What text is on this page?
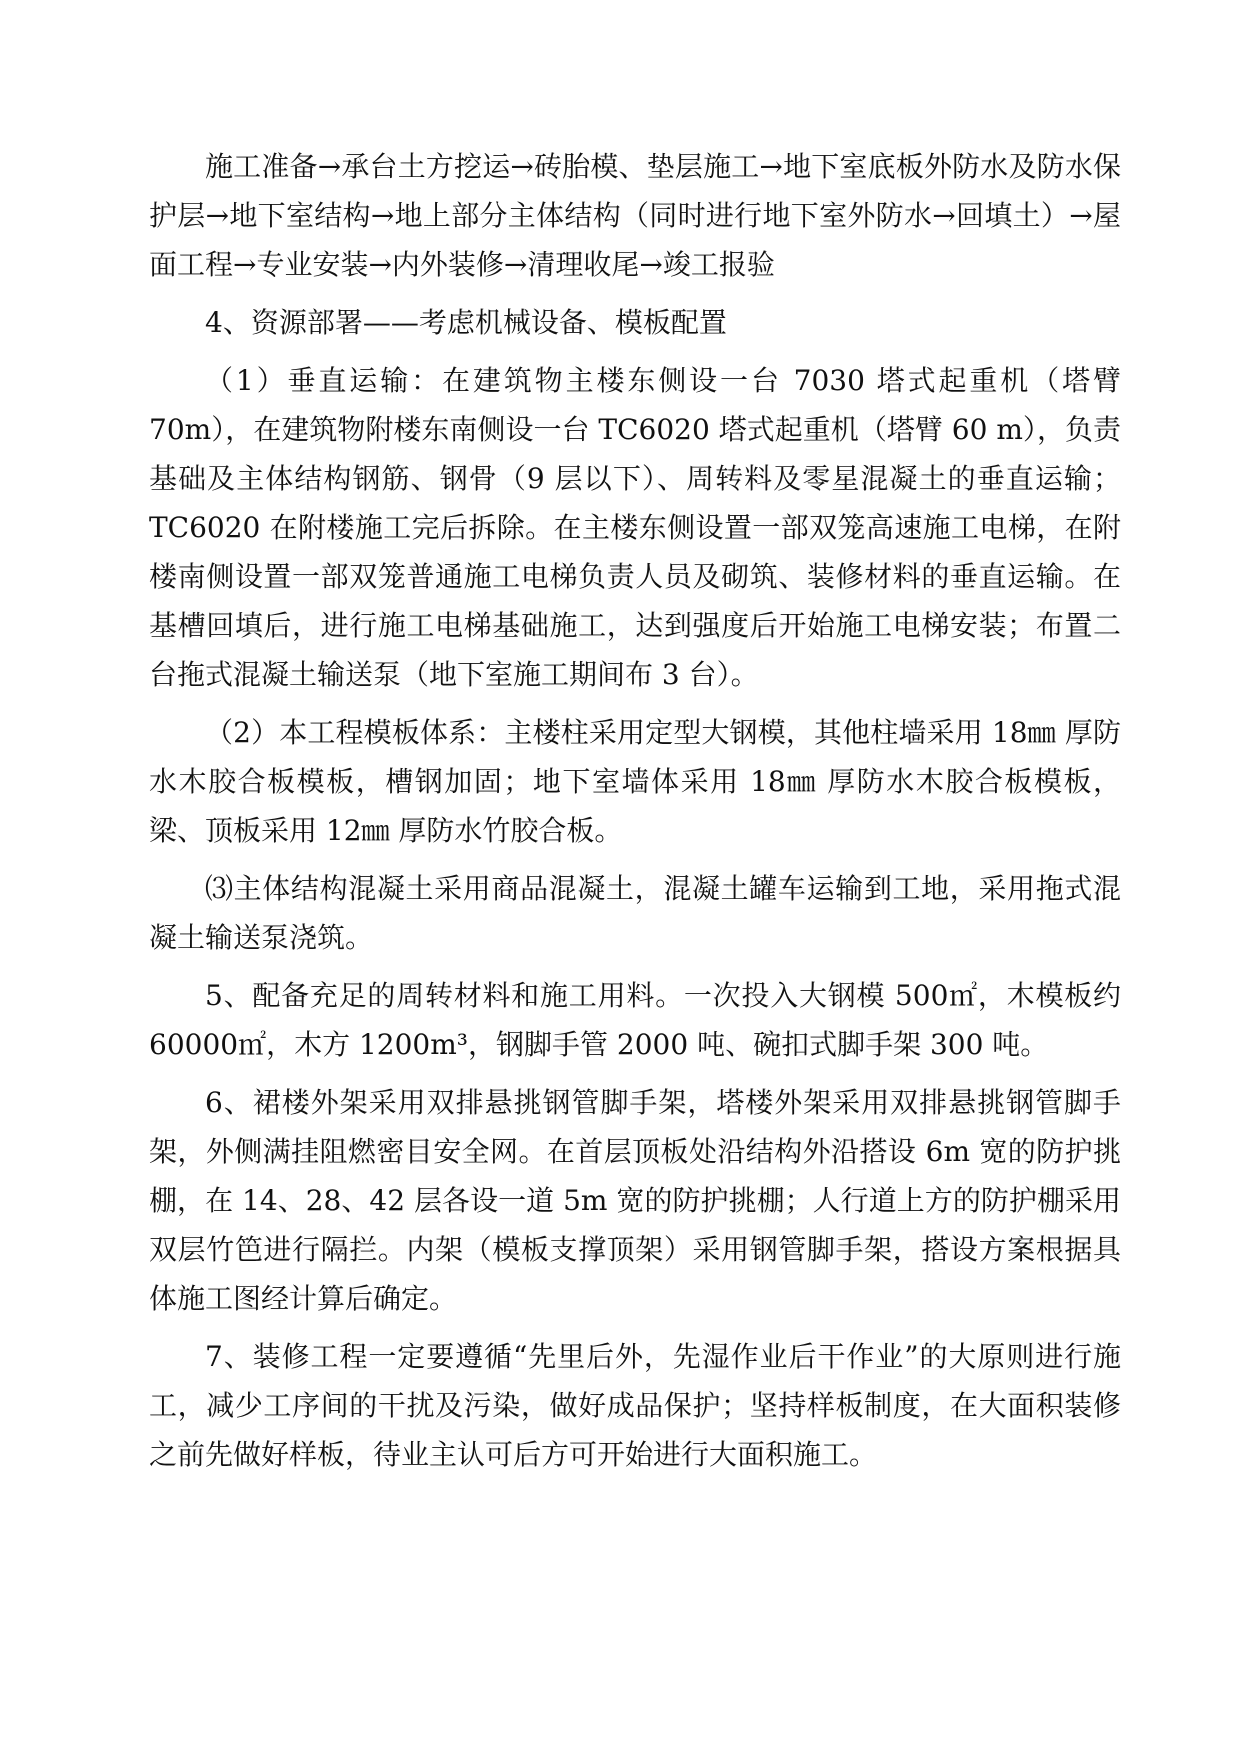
施工准备→承台土方挖运→砖胎模、垫层施工→地下室底板外防水及防水保护层→地下室结构→地上部分主体结构（同时进行地下室外防水→回填土）→屋面工程→专业安装→内外装修→清理收尾→竣工报验

4、资源部署——考虑机械设备、模板配置

（1）垂直运输：在建筑物主楼东侧设一台 7030 塔式起重机（塔臂 70m），在建筑物附楼东南侧设一台 TC6020 塔式起重机（塔臂 60 m），负责基础及主体结构钢筋、钢骨（9 层以下）、周转料及零星混凝土的垂直运输；TC6020 在附楼施工完后拆除。在主楼东侧设置一部双笼高速施工电梯，在附楼南侧设置一部双笼普通施工电梯负责人员及砌筑、装修材料的垂直运输。在基槽回填后，进行施工电梯基础施工，达到强度后开始施工电梯安装；布置二台拖式混凝土输送泵（地下室施工期间布 3 台）。

（2）本工程模板体系：主楼柱采用定型大钢模，其他柱墙采用 18㎜ 厚防水木胶合板模板，槽钢加固；地下室墙体采用 18㎜ 厚防水木胶合板模板，梁、顶板采用 12㎜ 厚防水竹胶合板。

⑶主体结构混凝土采用商品混凝土，混凝土罐车运输到工地，采用拖式混凝土输送泵浇筑。

5、配备充足的周转材料和施工用料。一次投入大钢模 500㎡，木模板约 60000㎡，木方 1200m³，钢脚手管 2000 吨、碗扣式脚手架 300 吨。

6、裙楼外架采用双排悬挑钢管脚手架，塔楼外架采用双排悬挑钢管脚手架，外侧满挂阻燃密目安全网。在首层顶板处沿结构外沿搭设 6m 宽的防护挑棚，在 14、28、42 层各设一道 5m 宽的防护挑棚；人行道上方的防护棚采用双层竹笆进行隔拦。内架（模板支撑顶架）采用钢管脚手架，搭设方案根据具体施工图经计算后确定。

7、装修工程一定要遵循“先里后外，先湿作业后干作业”的大原则进行施工，减少工序间的干扰及污染，做好成品保护；坚持样板制度，在大面积装修之前先做好样板，待业主认可后方可开始进行大面积施工。
